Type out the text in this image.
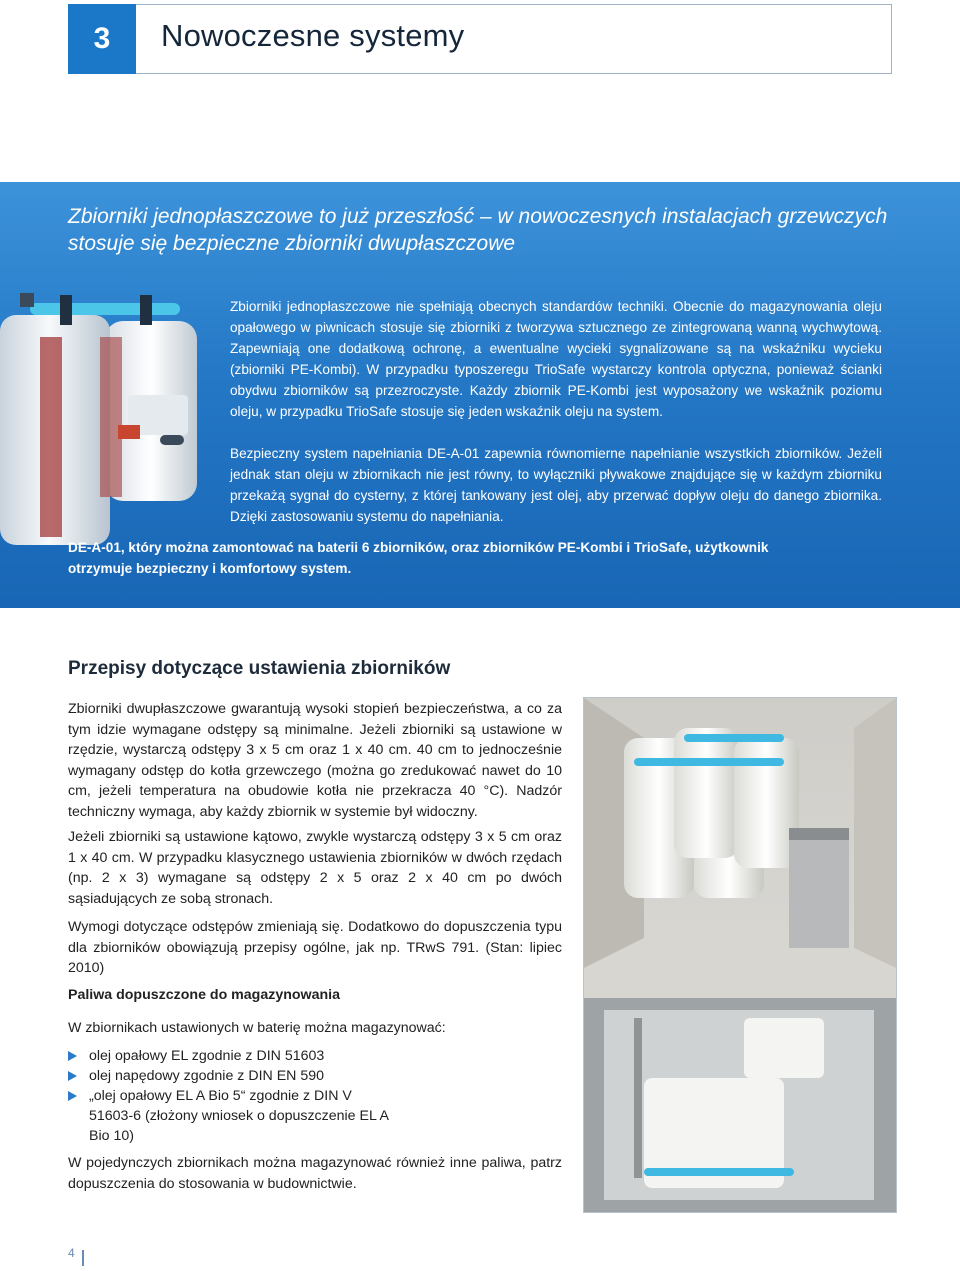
3	Nowoczesne systemy
Zbiorniki jednopłaszczowe to już przeszłość – w nowoczesnych instalacjach grzewczych stosuje się bezpieczne zbiorniki dwupłaszczowe
Zbiorniki jednopłaszczowe nie spełniają obecnych standardów techniki. Obecnie do magazynowania oleju opałowego w piwnicach stosuje się zbiorniki z tworzywa sztucznego ze zintegrowaną wanną wychwytową. Zapewniają one dodatkową ochronę, a ewentualne wycieki sygnalizowane są na wskaźniku wycieku (zbiorniki PE-Kombi). W przypadku typoszeregu TrioSafe wystarczy kontrola optyczna, ponieważ ścianki obydwu zbiorników są przezroczyste. Każdy zbiornik PE-Kombi jest wyposażony we wskaźnik poziomu oleju, w przypadku TrioSafe stosuje się jeden wskaźnik oleju na system.
Bezpieczny system napełniania DE-A-01 zapewnia równomierne napełnianie wszystkich zbiorników. Jeżeli jednak stan oleju w zbiornikach nie jest równy, to wyłączniki pływakowe znajdujące się w każdym zbiorniku przekażą sygnał do cysterny, z której tankowany jest olej, aby przerwać dopływ oleju do danego zbiornika. Dzięki zastosowaniu systemu do napełniania.
DE-A-01, który można zamontować na baterii 6 zbiorników, oraz zbiorników PE-Kombi i TrioSafe, użytkownik otrzymuje bezpieczny i komfortowy system.
Przepisy dotyczące ustawienia zbiorników
Zbiorniki dwupłaszczowe gwarantują wysoki stopień bezpieczeństwa, a co za tym idzie wymagane odstępy są minimalne. Jeżeli zbiorniki są ustawione w rzędzie, wystarczą odstępy 3 x 5 cm oraz 1 x 40 cm. 40 cm to jednocześnie wymagany odstęp do kotła grzewczego (można go zredukować nawet do 10 cm, jeżeli temperatura na obudowie kotła nie przekracza 40 °C). Nadzór techniczny wymaga, aby każdy zbiornik w systemie był widoczny.
Jeżeli zbiorniki są ustawione kątowo, zwykle wystarczą odstępy 3 x 5 cm oraz 1 x 40 cm. W przypadku klasycznego ustawienia zbiorników w dwóch rzędach (np. 2 x 3) wymagane są odstępy 2 x 5 oraz 2 x 40 cm po dwóch sąsiadujących ze sobą stronach.
Wymogi dotyczące odstępów zmieniają się. Dodatkowo do dopuszczenia typu dla zbiorników obowiązują przepisy ogólne, jak np. TRwS 791. (Stan: lipiec 2010)
Paliwa dopuszczone do magazynowania
W zbiornikach ustawionych w baterię można magazynować:
olej opałowy EL zgodnie z DIN 51603
olej napędowy zgodnie z DIN EN 590
„olej opałowy EL A Bio 5“ zgodnie z DIN V 51603-6 (złożony wniosek o dopuszczenie EL A Bio 10)
W pojedynczych zbiornikach można magazynować również inne paliwa, patrz dopuszczenia do stosowania w budownictwie.
4
